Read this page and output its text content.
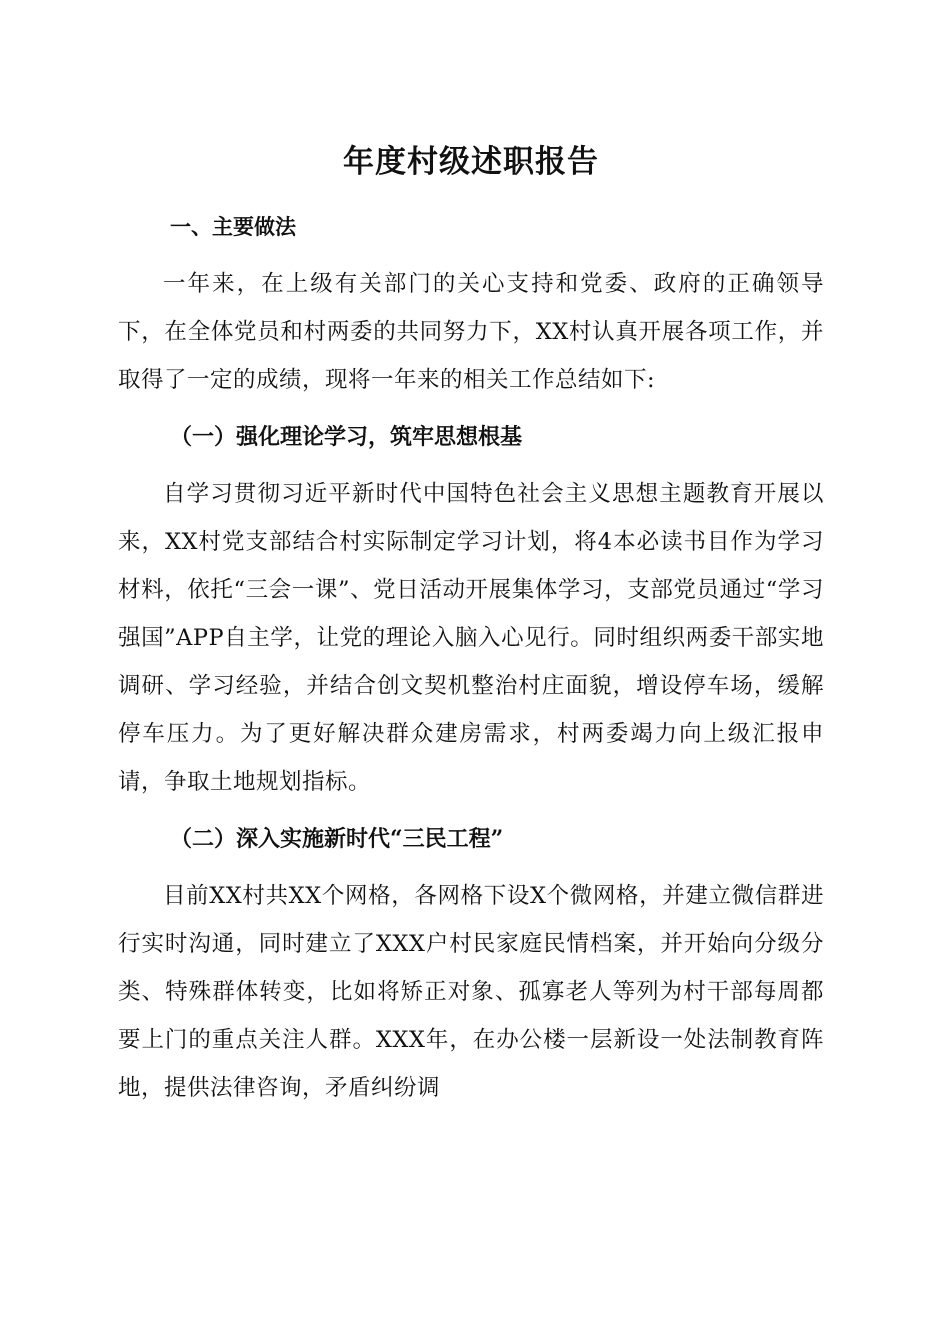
年度村级述职报告
一、主要做法

一年来，在上级有关部门的关心支持和党委、政府的正确领导下，在全体党员和村两委的共同努力下，XX村认真开展各项工作，并取得了一定的成绩，现将一年来的相关工作总结如下:

（一）强化理论学习，筑牢思想根基

自学习贯彻习近平新时代中国特色社会主义思想主题教育开展以来，XX村党支部结合村实际制定学习计划，将4本必读书目作为学习材料，依托“三会一课”、党日活动开展集体学习，支部党员通过“学习强国”APP自主学，让党的理论入脑入心见行。同时组织两委干部实地调研、学习经验，并结合创文契机整治村庄面貌，增设停车场，缓解停车压力。为了更好解决群众建房需求，村两委竭力向上级汇报申请，争取土地规划指标。

（二）深入实施新时代“三民工程”

目前XX村共XX个网格，各网格下设X个微网格，并建立微信群进行实时沟通，同时建立了XXX户村民家庭民情档案，并开始向分级分类、特殊群体转变，比如将矫正对象、孤寡老人等列为村干部每周都要上门的重点关注人群。XXX年，在办公楼一层新设一处法制教育阵地，提供法律咨询，矛盾纠纷调
